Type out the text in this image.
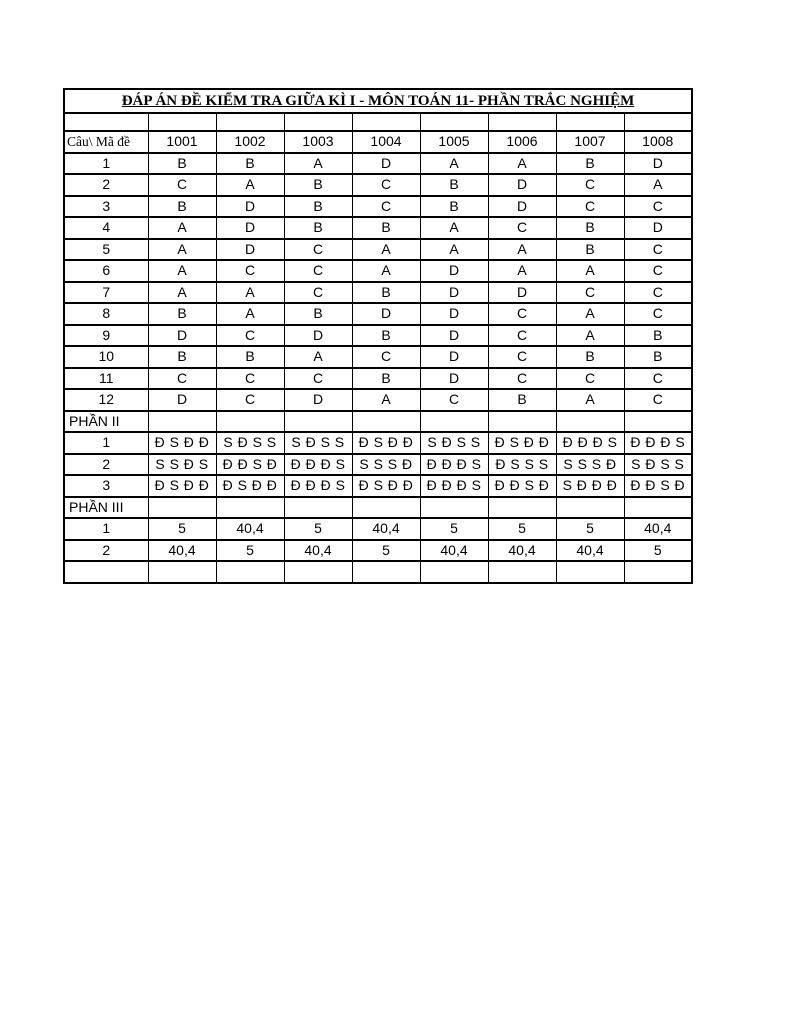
ĐÁP ÁN ĐỀ KIỂM TRA GIỮA KÌ I - MÔN TOÁN 11- PHẦN TRẮC NGHIỆM								

Câu\ Mã đề	1001	1002	1003	1004	1005	1006	1007	1008
1	B	B	A	D	A	A	B	D
2	C	A	B	C	B	D	C	A
3	B	D	B	C	B	D	C	C
4	A	D	B	B	A	C	B	D
5	A	D	C	A	A	A	B	C
6	A	C	C	A	D	A	A	C
7	A	A	C	B	D	D	C	C
8	B	A	B	D	D	C	A	C
9	D	C	D	B	D	C	A	B
10	B	B	A	C	D	C	B	B
11	C	C	C	B	D	C	C	C
12	D	C	D	A	C	B	A	C
PHẦN II								
1	Đ S Đ Đ	S Đ S S	S Đ S S	Đ S Đ Đ	S Đ S S	Đ S Đ Đ	Đ Đ Đ S	Đ Đ Đ S
2	S S Đ S	Đ Đ S Đ	Đ Đ Đ S	S S S Đ	Đ Đ Đ S	Đ S S S	S S S Đ	S Đ S S
3	Đ S Đ Đ	Đ S Đ Đ	Đ Đ Đ S	Đ S Đ Đ	Đ Đ Đ S	Đ Đ S Đ	S Đ Đ Đ	Đ Đ S Đ
PHẦN III								
1	5	40,4	5	40,4	5	5	5	40,4
2	40,4	5	40,4	5	40,4	40,4	40,4	5
